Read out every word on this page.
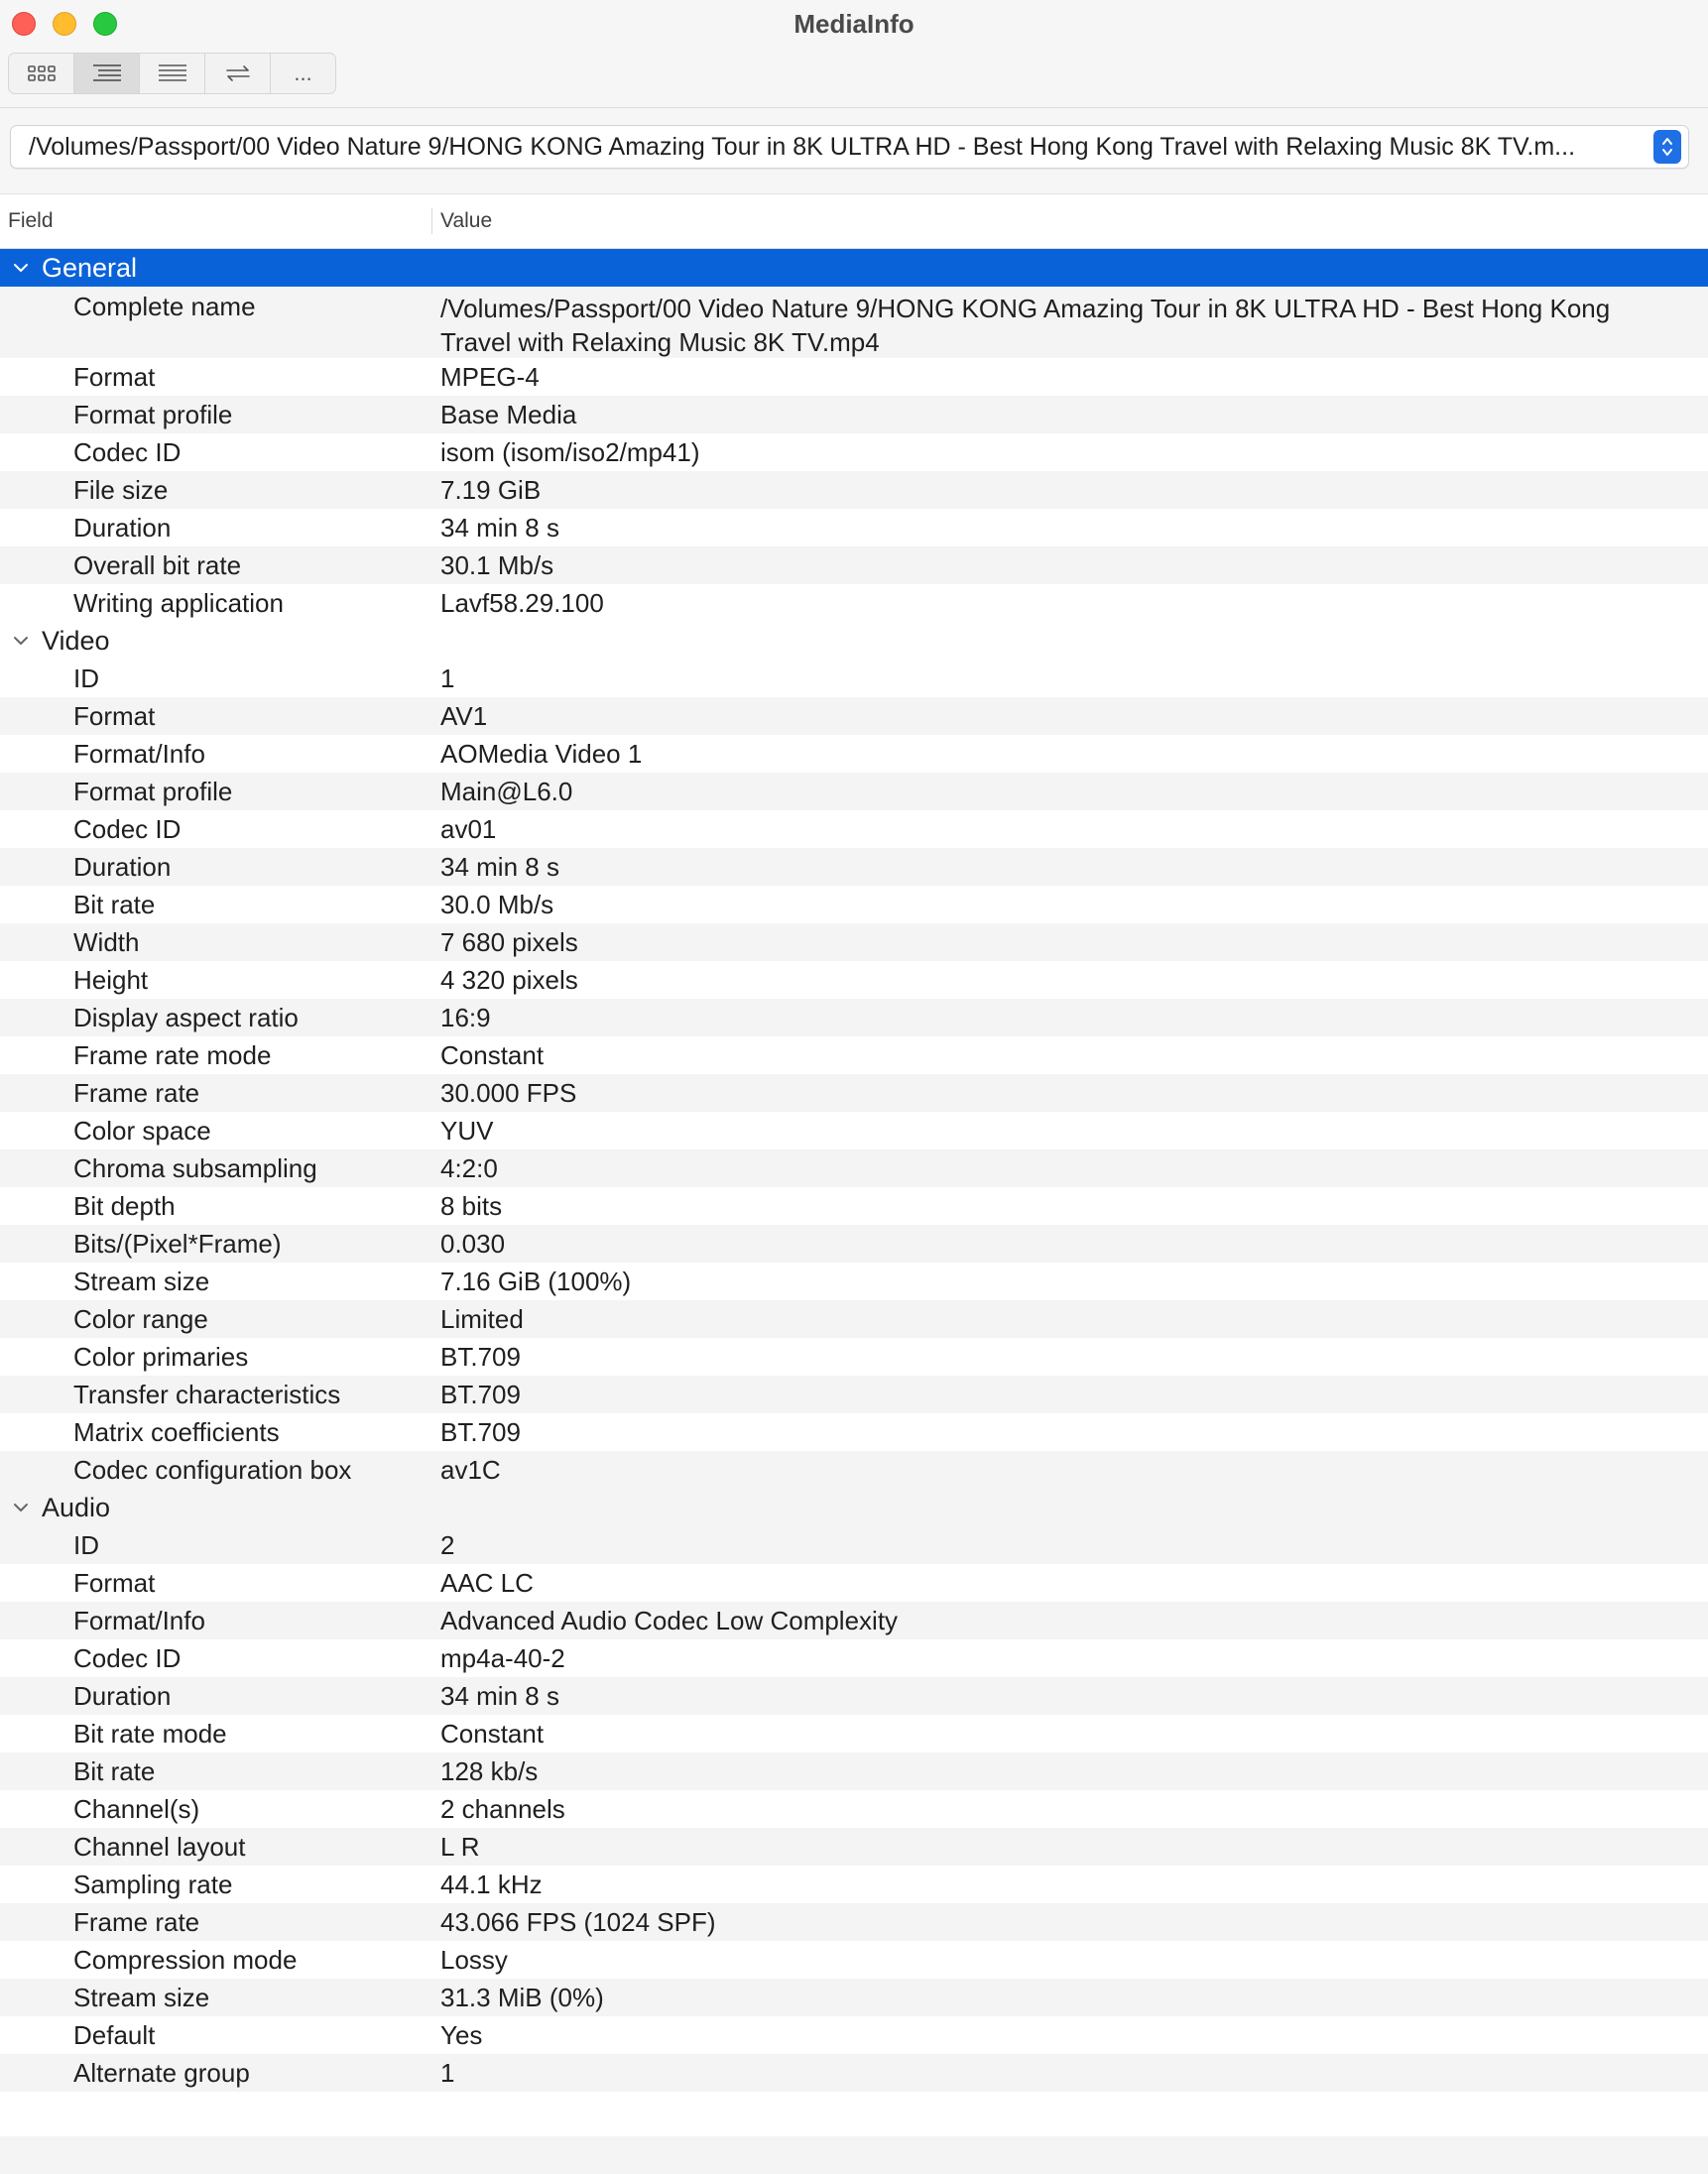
MediaInfo
...
/Volumes/Passport/00 Video Nature 9/HONG KONG Amazing Tour in 8K ULTRA HD - Best Hong Kong Travel with Relaxing Music 8K TV.m...
Field	Value
General
Complete name	/Volumes/Passport/00 Video Nature 9/HONG KONG Amazing Tour in 8K ULTRA HD - Best Hong Kong Travel with Relaxing Music 8K TV.mp4
Format	MPEG-4
Format profile	Base Media
Codec ID	isom (isom/iso2/mp41)
File size	7.19 GiB
Duration	34 min 8 s
Overall bit rate	30.1 Mb/s
Writing application	Lavf58.29.100
Video
ID	1
Format	AV1
Format/Info	AOMedia Video 1
Format profile	Main@L6.0
Codec ID	av01
Duration	34 min 8 s
Bit rate	30.0 Mb/s
Width	7 680 pixels
Height	4 320 pixels
Display aspect ratio	16:9
Frame rate mode	Constant
Frame rate	30.000 FPS
Color space	YUV
Chroma subsampling	4:2:0
Bit depth	8 bits
Bits/(Pixel*Frame)	0.030
Stream size	7.16 GiB (100%)
Color range	Limited
Color primaries	BT.709
Transfer characteristics	BT.709
Matrix coefficients	BT.709
Codec configuration box	av1C
Audio
ID	2
Format	AAC LC
Format/Info	Advanced Audio Codec Low Complexity
Codec ID	mp4a-40-2
Duration	34 min 8 s
Bit rate mode	Constant
Bit rate	128 kb/s
Channel(s)	2 channels
Channel layout	L R
Sampling rate	44.1 kHz
Frame rate	43.066 FPS (1024 SPF)
Compression mode	Lossy
Stream size	31.3 MiB (0%)
Default	Yes
Alternate group	1
